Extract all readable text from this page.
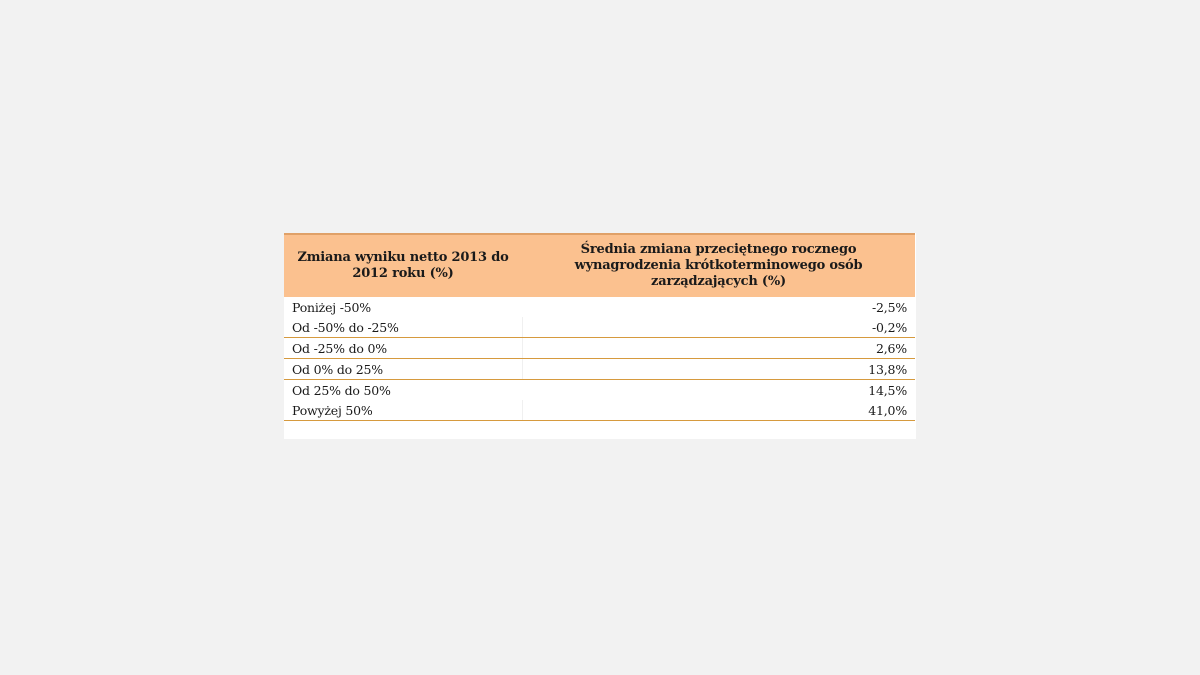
Zmiana wyniku netto 2013 do 2012 roku (%)	Średnia zmiana przeciętnego rocznego wynagrodzenia krótkoterminowego osób zarządzających (%)
Poniżej -50%	-2,5%
Od -50% do -25%	-0,2%
Od -25% do 0%	2,6%
Od 0% do 25%	13,8%
Od 25% do 50%	14,5%
Powyżej 50%	41,0%
